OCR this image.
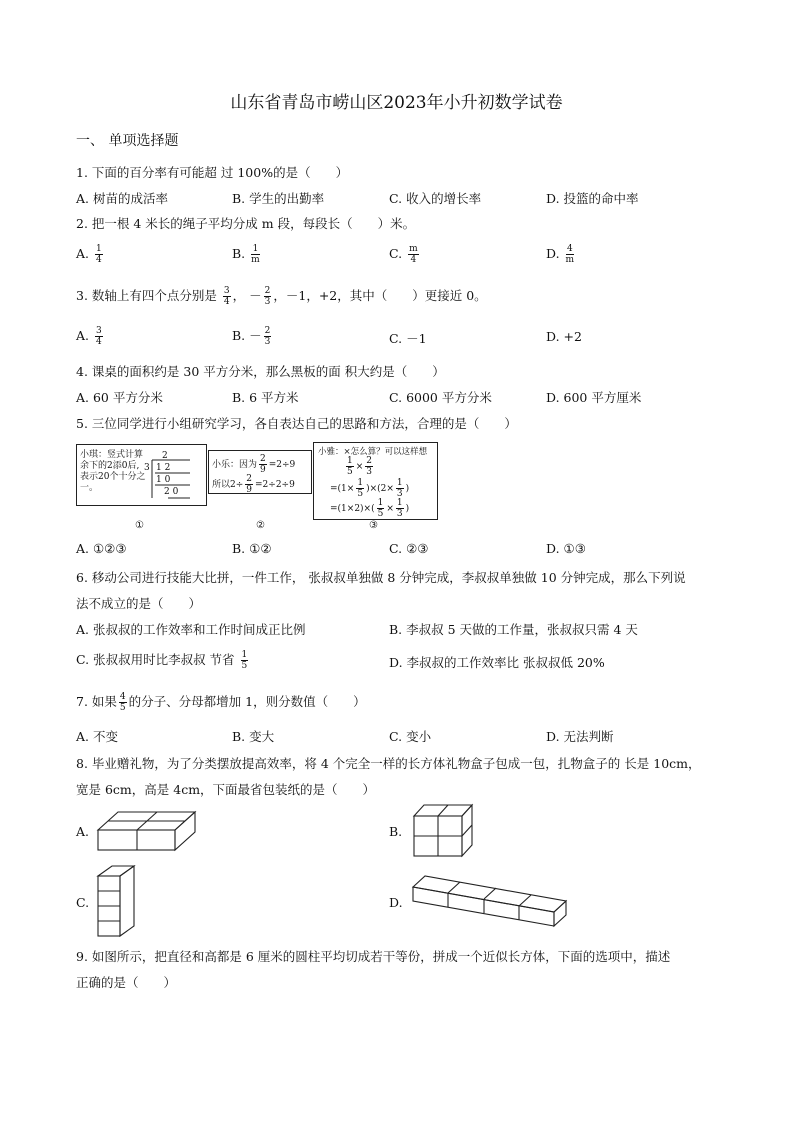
山东省青岛市崂山区2023年小升初数学试卷
一、 单项选择题
1. 下面的百分率有可能超 过 100%的是（　　）
A. 树苗的成活率	B. 学生的出勤率	C. 收入的增长率	D. 投篮的命中率
2. 把一根 4 米长的绳子平均分成 m 段，每段长（　　）米。
A. $\frac{1}{4}$	B. $\frac{1}{m}$	C. $\frac{m}{4}$	D. $\frac{4}{m}$
3. 数轴上有四个点分别是 $\frac{3}{4}$ ， － $\frac{2}{3}$ ，－1，+2，其中（　　）更接近 0。
A. $\frac{3}{4}$	B. － $\frac{2}{3}$	C. －1	D. +2
4. 课桌的面积约是 30 平方分米，那么黑板的面 积大约是（　　）
A. 60 平方分米	B. 6 平方米	C. 6000 平方分米	D. 600 平方厘米
5. 三位同学进行小组研究学习，各自表达自己的思路和方法，合理的是（　　）
小琪：竖式计算
余下的2添0后,
表示20个十分之
一。
2
3 1 2
1 0
2 0
小乐：因为 $\frac{2}{9} =2\div 9$
所以$2\div \frac{2}{9} =2\div 2\div 9$
小雅：×怎么算？可以这样想
$\frac{1}{5} \times \frac{2}{3}$
$=(1\times \frac{1}{5} )\times(2\times \frac{1}{3}$ )
$=(1\times 2)\times( \frac{1}{5} \times \frac{1}{3}$ )
①	②	③
A. ①②③	B. ①②	C. ②③	D. ①③
6. 移动公司进行技能大比拼，一件工作， 张叔叔单独做 8 分钟完成，李叔叔单独做 10 分钟完成，那么下列说
法不成立的是（　　）
A. 张叔叔的工作效率和工作时间成正比例	B. 李叔叔 5 天做的工作量，张叔叔只需 4 天
C. 张叔叔用时比李叔叔 节省 $\frac{1}{5}$	D. 李叔叔的工作效率比 张叔叔低 20%
7. 如果 $\frac{4}{5}$ 的分子、分母都增加 1，则分数值（　　）
A. 不变	B. 变大	C. 变小	D. 无法判断
8. 毕业赠礼物，为了分类摆放提高效率，将 4 个完全一样的长方体礼物盒子包成一包，扎物盒子的 长是 10cm，
宽是 6cm，高是 4cm，下面最省包装纸的是（　　）
A.	B.
C.	D.
9. 如图所示，把直径和高都是 6 厘米的圆柱平均切成若干等份，拼成一个近似长方体，下面的选项中，描述
正确的是（　　）
